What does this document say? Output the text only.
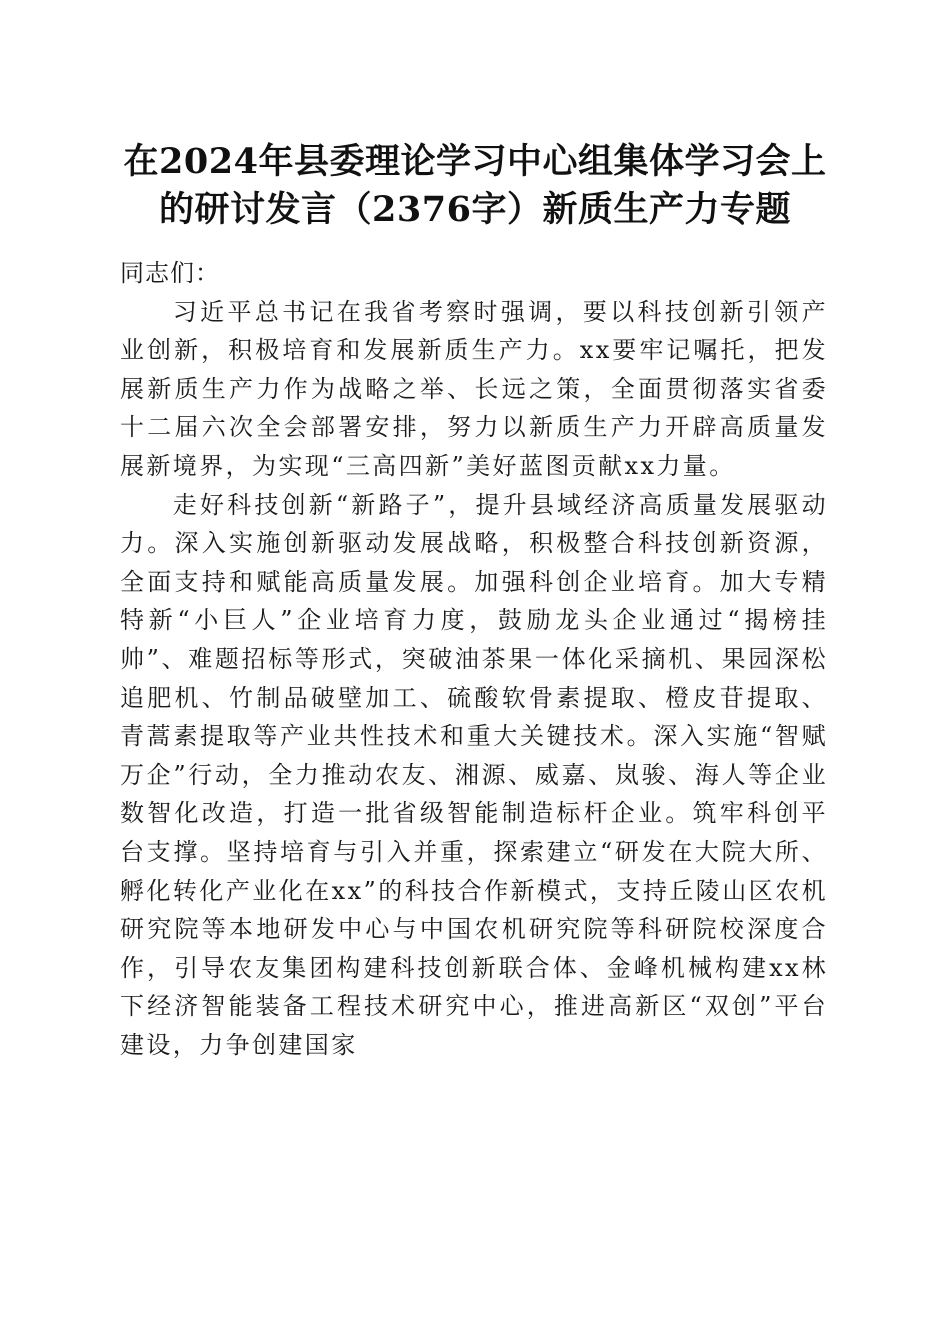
在2024年县委理论学习中心组集体学习会上
的研讨发言（2376字）新质生产力专题

同志们：

习近平总书记在我省考察时强调，要以科技创新引领产业创新，积极培育和发展新质生产力。xx要牢记嘱托，把发展新质生产力作为战略之举、长远之策，全面贯彻落实省委十二届六次全会部署安排，努力以新质生产力开辟高质量发展新境界，为实现“三高四新”美好蓝图贡献xx力量。

走好科技创新“新路子”，提升县域经济高质量发展驱动力。深入实施创新驱动发展战略，积极整合科技创新资源，全面支持和赋能高质量发展。加强科创企业培育。加大专精特新“小巨人”企业培育力度，鼓励龙头企业通过“揭榜挂帅”、难题招标等形式，突破油茶果一体化采摘机、果园深松追肥机、竹制品破壁加工、硫酸软骨素提取、橙皮苷提取、青蒿素提取等产业共性技术和重大关键技术。深入实施“智赋万企”行动，全力推动农友、湘源、威嘉、岚骏、海人等企业数智化改造，打造一批省级智能制造标杆企业。筑牢科创平台支撑。坚持培育与引入并重，探索建立“研发在大院大所、孵化转化产业化在xx”的科技合作新模式，支持丘陵山区农机研究院等本地研发中心与中国农机研究院等科研院校深度合作，引导农友集团构建科技创新联合体、金峰机械构建xx林下经济智能装备工程技术研究中心，推进高新区“双创”平台建设，力争创建国家
